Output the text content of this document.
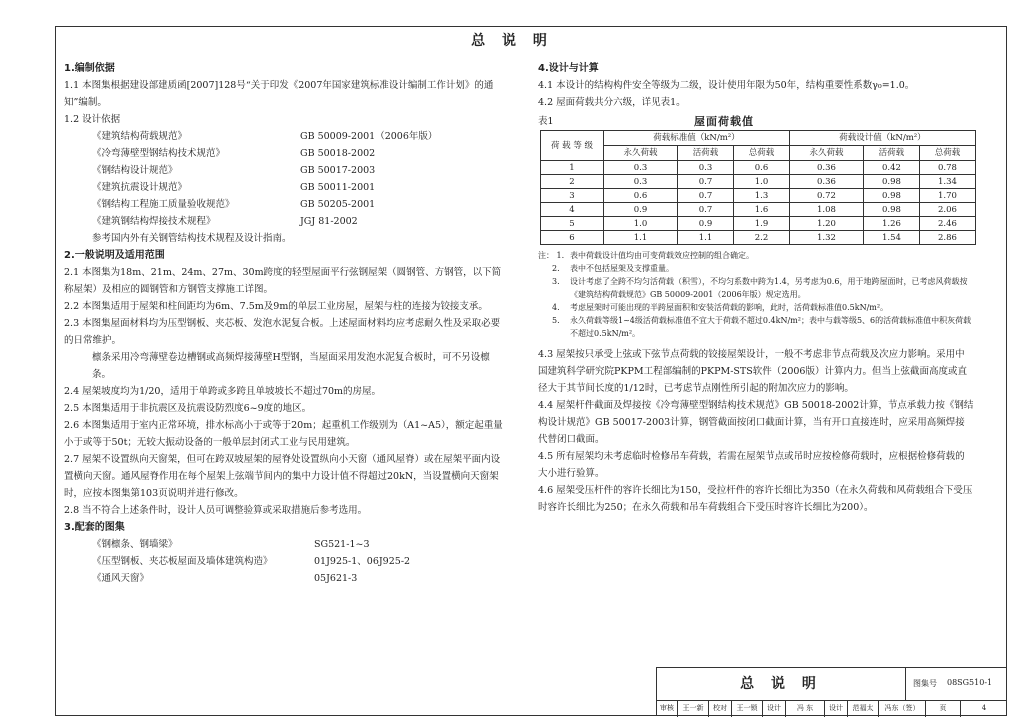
总 说 明
1.编制依据
1.1 本图集根据建设部建质函[2007]128号“关于印发《2007年国家建筑标准设计编制工作计划》的通知”编制。
1.2 设计依据
《建筑结构荷载规范》	GB 50009-2001（2006年版）
《冷弯薄壁型钢结构技术规范》	GB 50018-2002
《钢结构设计规范》	GB 50017-2003
《建筑抗震设计规范》	GB 50011-2001
《钢结构工程施工质量验收规范》	GB 50205-2001
《建筑钢结构焊接技术规程》	JGJ 81-2002
参考国内外有关钢管结构技术规程及设计指南。
2.一般说明及适用范围
2.1 本图集为18m、21m、24m、27m、30m跨度的轻型屋面平行弦钢屋架（圆钢管、方钢管，以下简称屋架）及相应的圆钢管和方钢管支撑施工详图。
2.2 本图集适用于屋架和柱间距均为6m、7.5m及9m的单层工业房屋，屋架与柱的连接为铰接支承。
2.3 本图集屋面材料均为压型钢板、夹芯板、发泡水泥复合板。上述屋面材料均应考虑耐久性及采取必要的日常维护。
檩条采用冷弯薄壁卷边槽钢或高频焊接薄壁H型钢，当屋面采用发泡水泥复合板时，可不另设檩条。
2.4 屋架坡度均为1/20，适用于单跨或多跨且单坡坡长不超过70m的房屋。
2.5 本图集适用于非抗震区及抗震设防烈度6~9度的地区。
2.6 本图集适用于室内正常环境，排水标高小于或等于20m；起重机工作级别为（A1~A5），额定起重量小于或等于50t；无较大振动设备的一般单层封闭式工业与民用建筑。
2.7 屋架不设置纵向天窗架，但可在跨双坡屋架的屋脊处设置纵向小天窗（通风屋脊）或在屋架平面内设置横向天窗。通风屋脊作用在每个屋架上弦端节间内的集中力设计值不得超过20kN，当设置横向天窗架时，应按本图集第103页说明并进行修改。
2.8 当不符合上述条件时，设计人员可调整验算或采取措施后参考选用。
3.配套的图集
《钢檩条、钢墙梁》	SG521-1~3
《压型钢板、夹芯板屋面及墙体建筑构造》	01J925-1、06J925-2
《通风天窗》	05J621-3
4.设计与计算
4.1 本设计的结构构件安全等级为二级，设计使用年限为50年，结构重要性系数γ₀=1.0。
4.2 屋面荷载共分六级，详见表1。
表1	屋面荷载值
荷 载 等 级	荷载标准值（kN/m²）			荷载设计值（kN/m²）		
	永久荷载	活荷载	总荷载	永久荷载	活荷载	总荷载
1	0.3	0.3	0.6	0.36	0.42	0.78
2	0.3	0.7	1.0	0.36	0.98	1.34
3	0.6	0.7	1.3	0.72	0.98	1.70
4	0.9	0.7	1.6	1.08	0.98	2.06
5	1.0	0.9	1.9	1.20	1.26	2.46
6	1.1	1.1	2.2	1.32	1.54	2.86
注： 1. 表中荷载设计值均由可变荷载效应控制的组合确定。
2.	表中不包括屋架及支撑重量。
3.	设计考虑了全跨不均匀活荷载（积雪），不均匀系数中跨为1.4，另考虑为0.6，用于地跨屋面时，已考虑风荷载按《建筑结构荷载规范》GB 50009-2001（2006年版）规定选用。
4.	考虑屋架时可能出现的半跨屋面积和安装活荷载的影响，此时，活荷载标准值0.5kN/m²。
5.	永久荷载等级1~4级活荷载标准值不宜大于荷载不超过0.4kN/m²；表中与载等级5、6的活荷载标准值中积灰荷载不超过0.5kN/m²。
4.3 屋架按只承受上弦或下弦节点荷载的铰接屋架设计，一般不考虑非节点荷载及次应力影响。采用中国建筑科学研究院PKPM工程部编制的PKPM-STS软件（2006版）计算内力。但当上弦截面高度或直径大于其节间长度的1/12时，已考虑节点刚性所引起的附加次应力的影响。
4.4 屋架杆件截面及焊接按《冷弯薄壁型钢结构技术规范》GB 50018-2002计算，节点承载力按《钢结构设计规范》GB 50017-2003计算，钢管截面按闭口截面计算，当有开口直接连时，应采用高频焊接代替闭口截面。
4.5 所有屋架均未考虑临时检修吊车荷载，若需在屋架节点或吊时应按检修荷载时，应根据检修荷载的大小进行验算。
4.6 屋架受压杆件的容许长细比为150，受拉杆件的容许长细比为350（在永久荷载和风荷载组合下受压时容许长细比为250；在永久荷载和吊车荷载组合下受压时容许长细比为200）。
总 说 明	图集号 08SG510-1
审核	王一新	校对	王一锁	设计	冯 东	设计	范福太	冯东（签）	页	4
